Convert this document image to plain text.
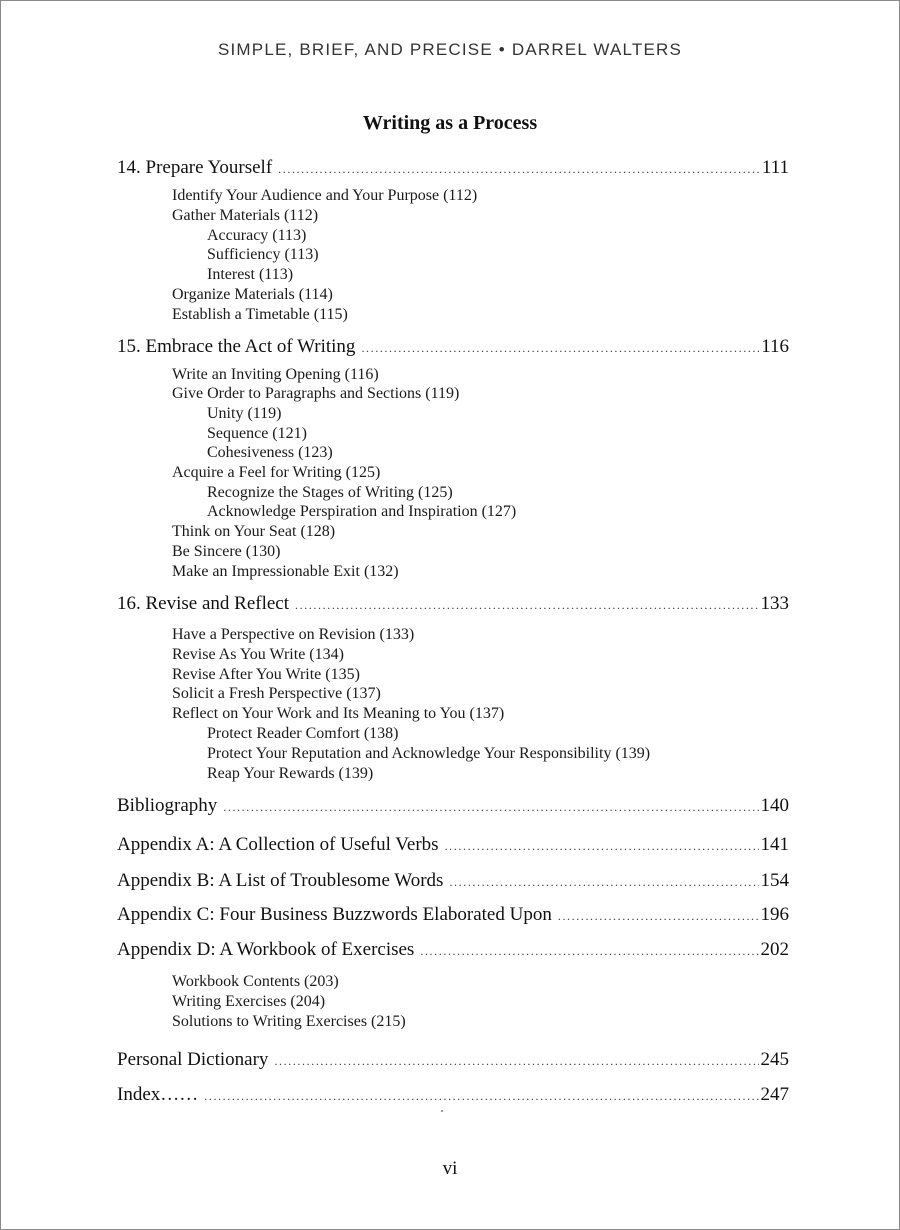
SIMPLE, BRIEF, AND PRECISE • DARREL WALTERS
Writing as a Process
14. Prepare Yourself .....	111
Identify Your Audience and Your Purpose (112)
Gather Materials (112)
Accuracy (113)
Sufficiency (113)
Interest (113)
Organize Materials (114)
Establish a Timetable (115)
15. Embrace the Act of Writing .....	116
Write an Inviting Opening (116)
Give Order to Paragraphs and Sections (119)
Unity (119)
Sequence (121)
Cohesiveness (123)
Acquire a Feel for Writing (125)
Recognize the Stages of Writing (125)
Acknowledge Perspiration and Inspiration (127)
Think on Your Seat (128)
Be Sincere (130)
Make an Impressionable Exit (132)
16. Revise and Reflect .....	133
Have a Perspective on Revision (133)
Revise As You Write (134)
Revise After You Write (135)
Solicit a Fresh Perspective (137)
Reflect on Your Work and Its Meaning to You (137)
Protect Reader Comfort (138)
Protect Your Reputation and Acknowledge Your Responsibility (139)
Reap Your Rewards (139)
Bibliography .....	140
Appendix A: A Collection of Useful Verbs .....	141
Appendix B: A List of Troublesome Words .....	154
Appendix C: Four Business Buzzwords Elaborated Upon .....	196
Appendix D: A Workbook of Exercises .....	202
Workbook Contents (203)
Writing Exercises (204)
Solutions to Writing Exercises (215)
Personal Dictionary .....	245
Index…… .....	247
vi
